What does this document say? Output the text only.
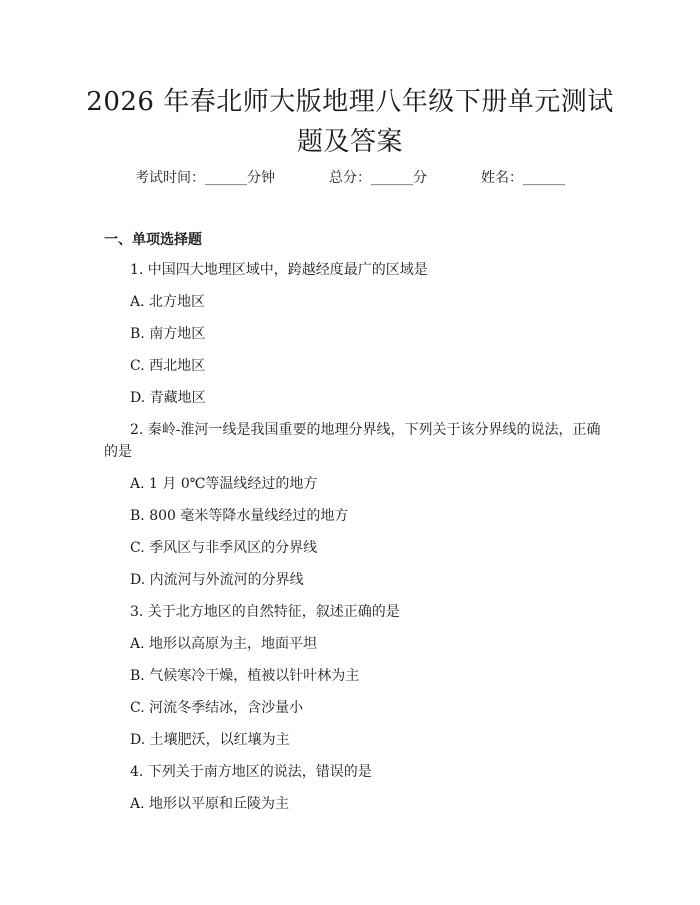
2026 年春北师大版地理八年级下册单元测试
题及答案
考试时间：______分钟	总分：______分	姓名：______
一、单项选择题
1. 中国四大地理区域中，跨越经度最广的区域是
A. 北方地区
B. 南方地区
C. 西北地区
D. 青藏地区
2. 秦岭-淮河一线是我国重要的地理分界线，下列关于该分界线的说法，正确
的是
A. 1 月 0℃等温线经过的地方
B. 800 毫米等降水量线经过的地方
C. 季风区与非季风区的分界线
D. 内流河与外流河的分界线
3. 关于北方地区的自然特征，叙述正确的是
A. 地形以高原为主，地面平坦
B. 气候寒冷干燥，植被以针叶林为主
C. 河流冬季结冰，含沙量小
D. 土壤肥沃，以红壤为主
4. 下列关于南方地区的说法，错误的是
A. 地形以平原和丘陵为主
